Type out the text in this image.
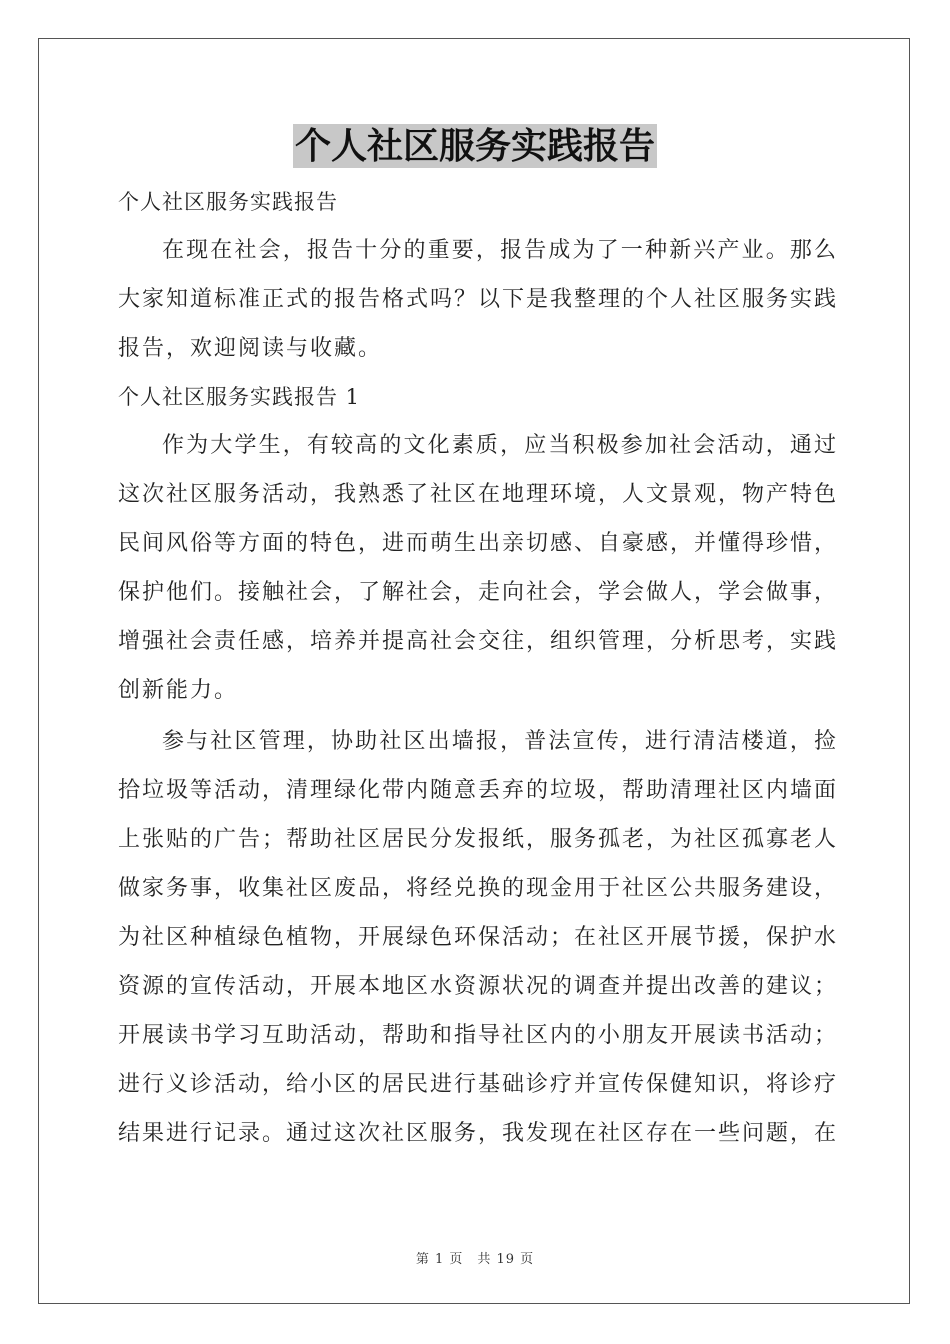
个人社区服务实践报告
个人社区服务实践报告

在现在社会，报告十分的重要，报告成为了一种新兴产业。那么大家知道标准正式的报告格式吗？以下是我整理的个人社区服务实践报告，欢迎阅读与收藏。

个人社区服务实践报告 1

作为大学生，有较高的文化素质，应当积极参加社会活动，通过这次社区服务活动，我熟悉了社区在地理环境，人文景观，物产特色民间风俗等方面的特色，进而萌生出亲切感、自豪感，并懂得珍惜，保护他们。接触社会，了解社会，走向社会，学会做人，学会做事，增强社会责任感，培养并提高社会交往，组织管理，分析思考，实践创新能力。

参与社区管理，协助社区出墙报，普法宣传，进行清洁楼道，捡拾垃圾等活动，清理绿化带内随意丢弃的垃圾，帮助清理社区内墙面上张贴的广告；帮助社区居民分发报纸，服务孤老，为社区孤寡老人做家务事，收集社区废品，将经兑换的现金用于社区公共服务建设，为社区种植绿色植物，开展绿色环保活动；在社区开展节援，保护水资源的宣传活动，开展本地区水资源状况的调查并提出改善的建议；开展读书学习互助活动，帮助和指导社区内的小朋友开展读书活动；进行义诊活动，给小区的居民进行基础诊疗并宣传保健知识，将诊疗结果进行记录。通过这次社区服务，我发现在社区存在一些问题，在

第 1 页　共 19 页
